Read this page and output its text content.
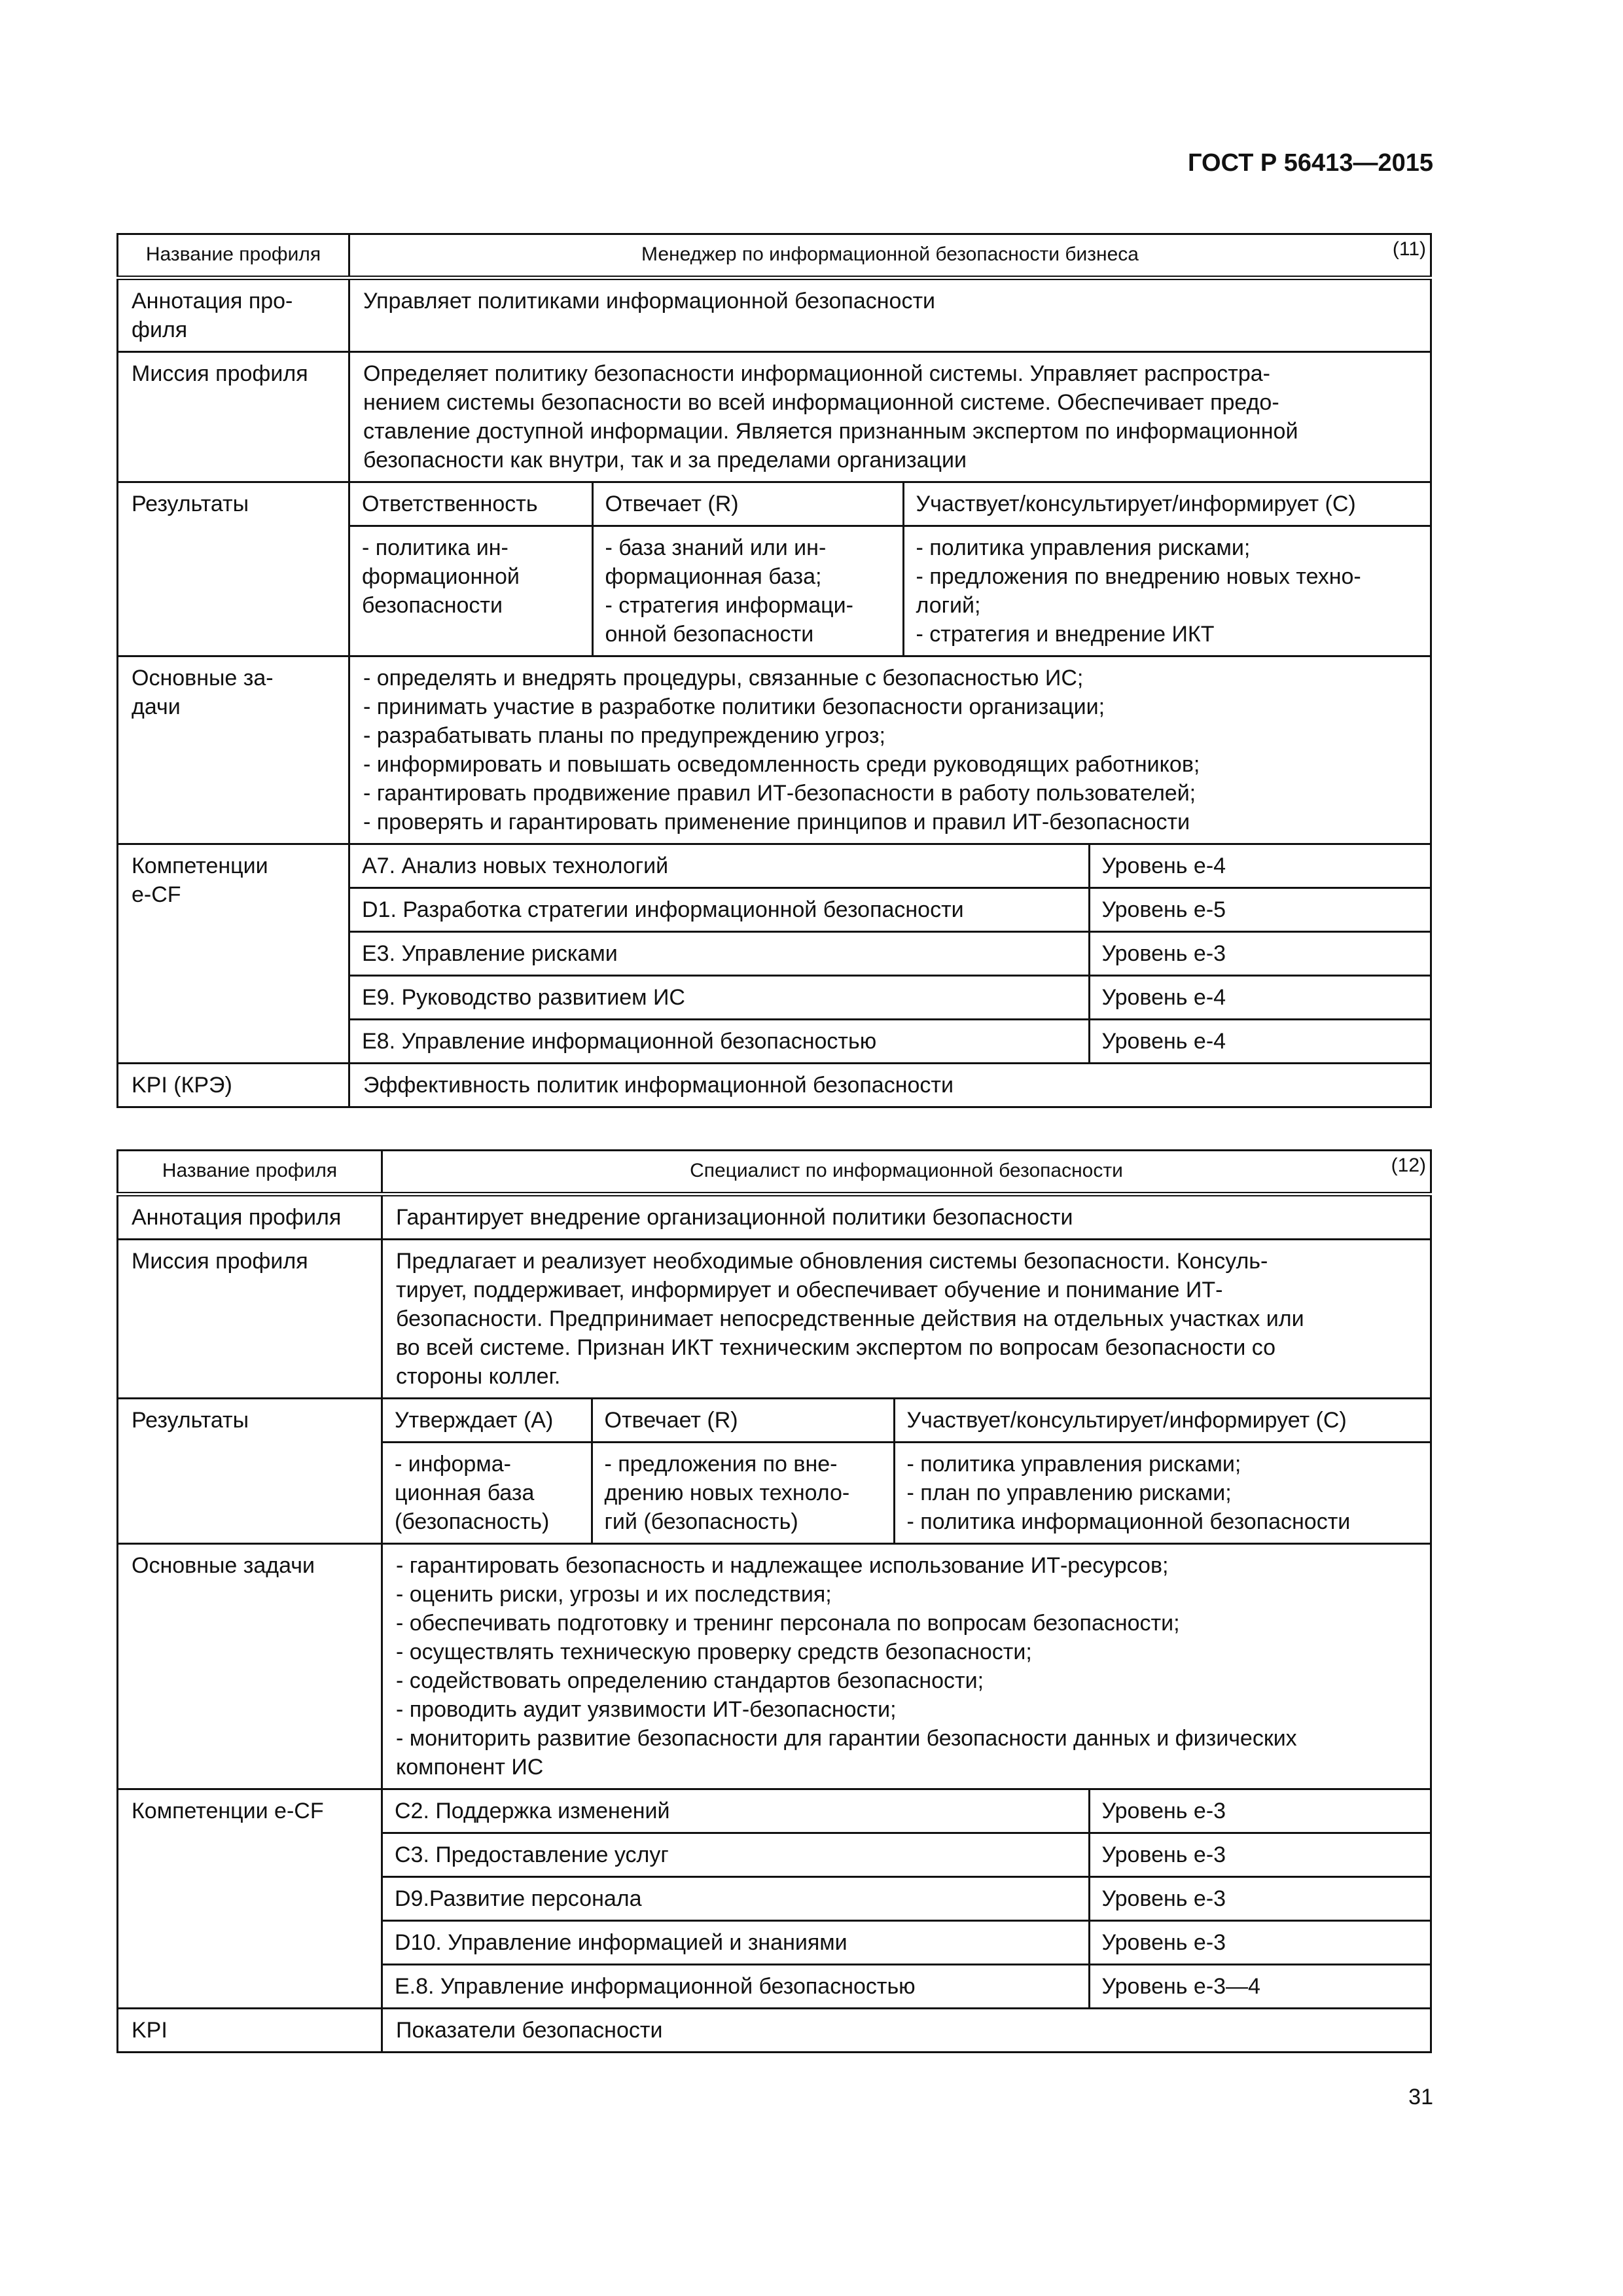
ГОСТ Р 56413—2015
Название профиля	Менеджер по информационной безопасности бизнеса	(11)

Аннотация про-
филя
	Управляет политиками информационной безопасности
Миссия профиля	Определяет политику безопасности информационной системы. Управляет распростра-
нением системы безопасности во всей информационной системе. Обеспечивает предо-
ставление доступной информации. Является признанным экспертом по информационной
безопасности как внутри, так и за пределами организации

Результаты		Ответственность	Отвечает (R)	Участвует/консультирует/информирует (C)

- политика ин-
формационной
безопасности

- база знаний или ин-
формационная база;
- стратегия информаци-
онной безопасности

- политика управления рисками;
- предложения по внедрению новых техно-
логий;
- стратегия и внедрение ИКТ

Основные за-
дачи

- определять и внедрять процедуры, связанные с безопасностью ИС;
- принимать участие в разработке политики безопасности организации;
- разрабатывать планы по предупреждению угроз;
- информировать и повышать осведомленность среди руководящих работников;
- гарантировать продвижение правил ИТ-безопасности в работу пользователей;
- проверять и гарантировать применение принципов и правил ИТ-безопасности

Компетенции
e-CF

A7. Анализ новых технологий	Уровень е-4
D1. Разработка стратегии информационной безопасности	Уровень е-5
E3. Управление рисками	Уровень е-3
E9. Руководство развитием ИС	Уровень е-4
E8. Управление информационной безопасностью	Уровень е-4

KPI (КРЭ)	Эффективность политик информационной безопасности
Название профиля	Специалист по информационной безопасности	(12)

Аннотация профиля	Гарантирует внедрение организационной политики безопасности
Миссия профиля	Предлагает и реализует необходимые обновления системы безопасности. Консуль-
тирует, поддерживает, информирует и обеспечивает обучение и понимание ИТ-
безопасности. Предпринимает непосредственные действия на отдельных участках или
во всей системе. Признан ИКТ техническим экспертом по вопросам безопасности со
стороны коллег.

Результаты		Утверждает (A)	Отвечает (R)	Участвует/консультирует/информирует (C)

- информа-
ционная база
(безопасность)

- предложения по вне-
дрению новых техноло-
гий (безопасность)

- политика управления рисками;
- план по управлению рисками;
- политика информационной безопасности

Основные задачи	- гарантировать безопасность и надлежащее использование ИТ-ресурсов;
- оценить риски, угрозы и их последствия;
- обеспечивать подготовку и тренинг персонала по вопросам безопасности;
- осуществлять техническую проверку средств безопасности;
- содействовать определению стандартов безопасности;
- проводить аудит уязвимости ИТ-безопасности;
- мониторить развитие безопасности для гарантии безопасности данных и физических
компонент ИС

Компетенции e-CF		C2. Поддержка изменений	Уровень е-3
C3. Предоставление услуг	Уровень е-3
D9.Развитие персонала	Уровень е-3
D10. Управление информацией и знаниями	Уровень е-3
E.8. Управление информационной безопасностью	Уровень е-3—4

KPI	Показатели безопасности
31
